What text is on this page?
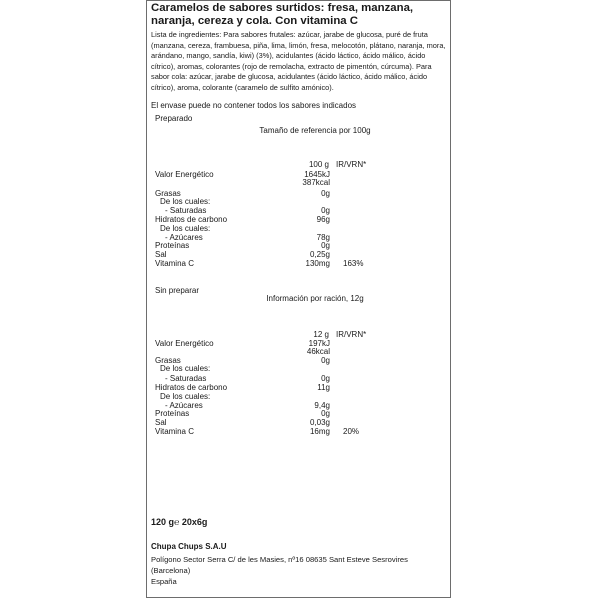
Caramelos de sabores surtidos: fresa, manzana, naranja, cereza y cola. Con vitamina C
Lista de ingredientes: Para sabores frutales: azúcar, jarabe de glucosa, puré de fruta (manzana, cereza, frambuesa, piña, lima, limón, fresa, melocotón, plátano, naranja, mora, arándano, mango, sandía, kiwi) (3%), acidulantes (ácido láctico, ácido málico, ácido cítrico), aromas, colorantes (rojo de remolacha, extracto de pimentón, cúrcuma). Para sabor cola: azúcar, jarabe de glucosa, acidulantes (ácido láctico, ácido málico, ácido cítrico), aroma, colorante (caramelo de sulfito amónico).
El envase puede no contener todos los sabores indicados
Preparado
Tamaño de referencia por 100g
100 g IR/VRN*
Valor Energético	1645kJ
387kcal
Grasas	0g
De los cuales:
- Saturadas	0g
Hidratos de carbono	96g
De los cuales:
- Azúcares	78g
Proteínas	0g
Sal	0,25g
Vitamina C	130mg 163%
Sin preparar
Información por ración, 12g
12 g IR/VRN*
Valor Energético	197kJ
46kcal
Grasas	0g
De los cuales:
- Saturadas	0g
Hidratos de carbono	11g
De los cuales:
- Azúcares	9,4g
Proteínas	0g
Sal	0,03g
Vitamina C	16mg 20%
120 g℮ 20x6g
Chupa Chups S.A.U
Polígono Sector Serra C/ de les Masies, nº16 08635 Sant Esteve Sesrovires
(Barcelona)
España
